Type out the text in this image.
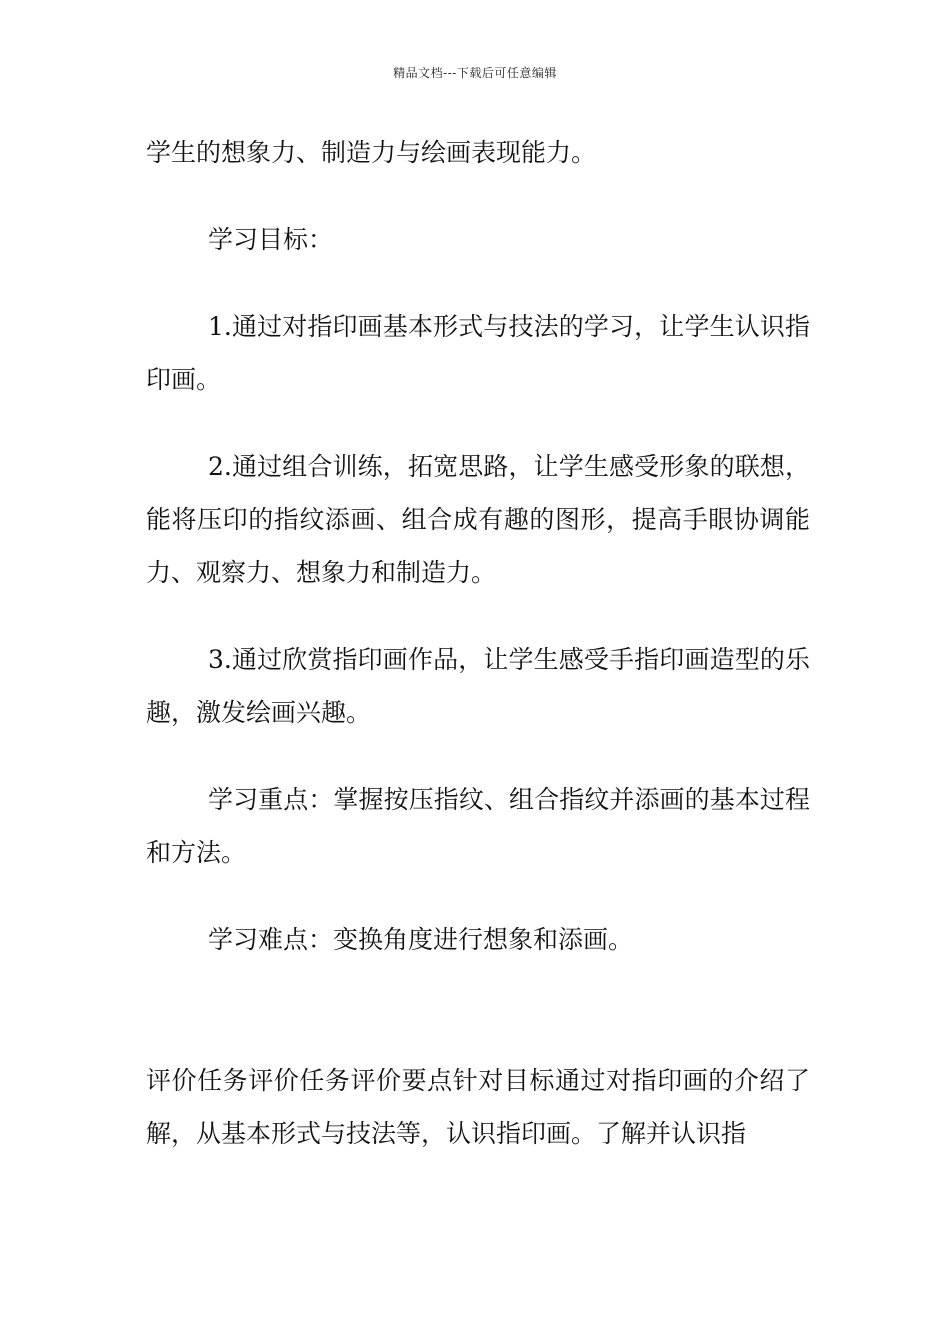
精品文档---下载后可任意编辑

学生的想象力、制造力与绘画表现能力。

学习目标：

1.通过对指印画基本形式与技法的学习，让学生认识指印画。

2.通过组合训练，拓宽思路，让学生感受形象的联想，能将压印的指纹添画、组合成有趣的图形，提高手眼协调能力、观察力、想象力和制造力。

3.通过欣赏指印画作品，让学生感受手指印画造型的乐趣，激发绘画兴趣。

学习重点：掌握按压指纹、组合指纹并添画的基本过程和方法。

学习难点：变换角度进行想象和添画。

评价任务评价任务评价要点针对目标通过对指印画的介绍了解，从基本形式与技法等，认识指印画。了解并认识指
